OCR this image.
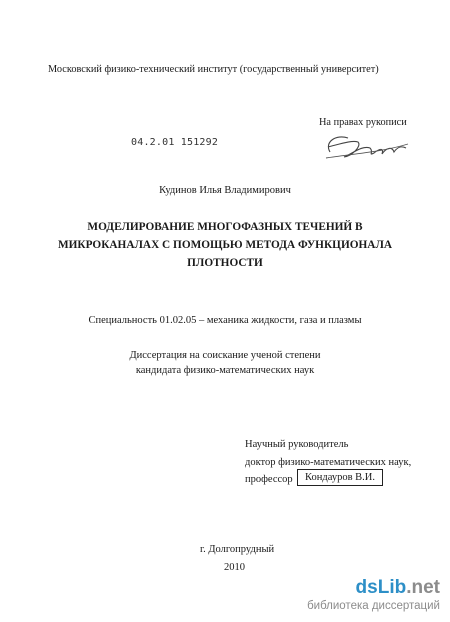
Московский физико-технический институт (государственный университет)
На правах рукописи
04.2.01 151292
Кудинов Илья Владимирович
МОДЕЛИРОВАНИЕ МНОГОФАЗНЫХ ТЕЧЕНИЙ В
МИКРОКАНАЛАХ С ПОМОЩЬЮ МЕТОДА ФУНКЦИОНАЛА
ПЛОТНОСТИ
Специальность 01.02.05 – механика жидкости, газа и плазмы
Диссертация на соискание ученой степени
кандидата физико-математических наук
Научный руководитель
доктор физико-математических наук,
профессор	Кондауров В.И.
г. Долгопрудный
2010
dsLib.net
библиотека диссертаций
